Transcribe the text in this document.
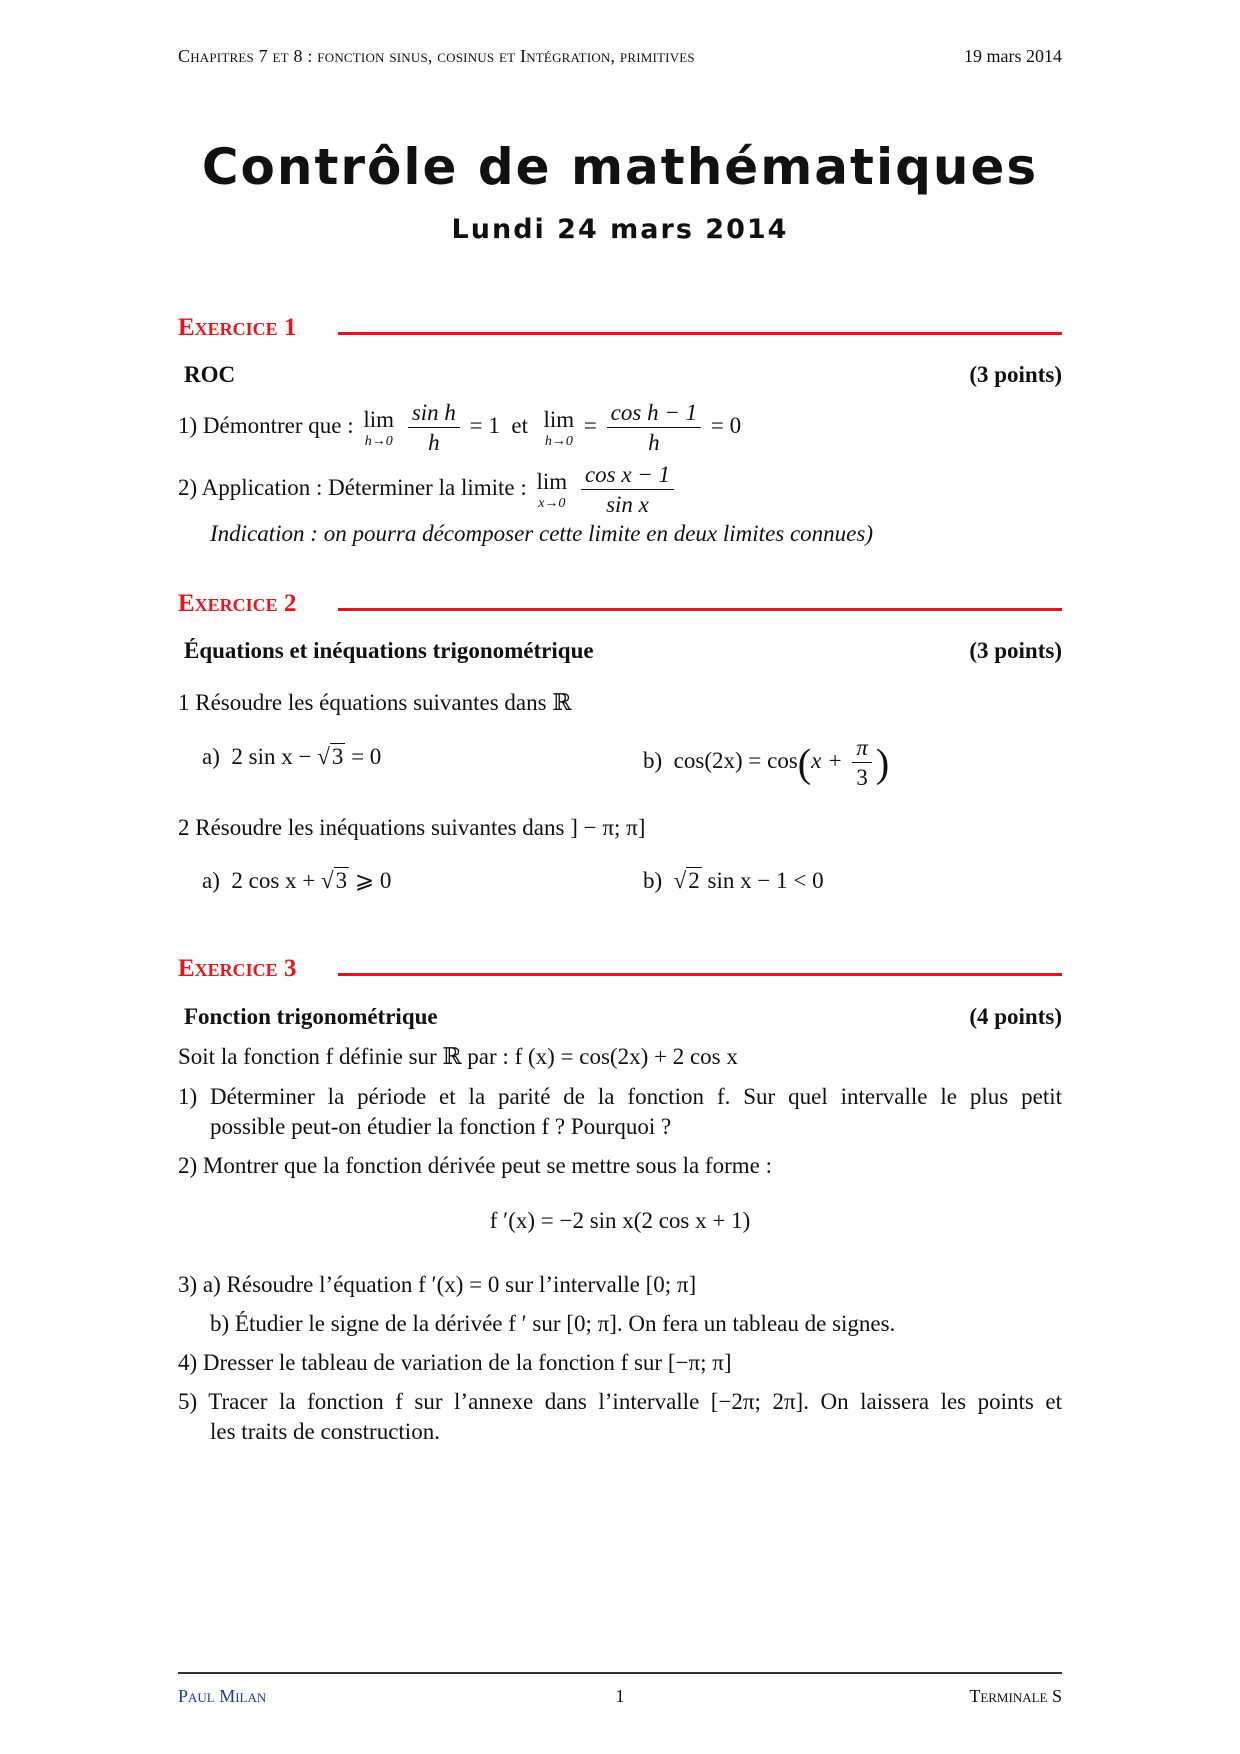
Chapitres 7 et 8 : fonction sinus, cosinus et Intégration, primitives	19 mars 2014
Contrôle de mathématiques
Lundi 24 mars 2014
Exercice 1
ROC	(3 points)
1) Démontrer que : lim
h→0
$\frac{\text{sin h}}{h} = 1$ et lim
h→0
= $\frac{\text{cos h − 1}}{h} = 0$
2) Application : Déterminer la limite : lim
x→0
$\frac{\text{cos x − 1}}{\text{sin x}}$
Indication : on pourra décomposer cette limite en deux limites connues)
Exercice 2
Équations et inéquations trigonométrique	(3 points)
1 Résoudre les équations suivantes dans ℝ
a) 2 sin x − √3 = 0	b) $\cos(2x) = \cos(x + \frac{\pi}{3}$ )
2 Résoudre les inéquations suivantes dans ] − π; π]
a) 2 cos x + √3 ⩾ 0	b)  √2 sin x − 1 < 0
Exercice 3
Fonction trigonométrique	(4 points)
Soit la fonction f définie sur ℝ par : f (x) = cos(2x) + 2 cos x
1) Déterminer la période et la parité de la fonction f. Sur quel intervalle le plus petit
possible peut-on étudier la fonction f ? Pourquoi ?
2) Montrer que la fonction dérivée peut se mettre sous la forme :
f ′(x) = −2 sin x(2 cos x + 1)
3) a) Résoudre l’équation f ′(x) = 0 sur l’intervalle [0; π]
b) Étudier le signe de la dérivée f ′ sur [0; π]. On fera un tableau de signes.
4) Dresser le tableau de variation de la fonction f sur [−π; π]
5) Tracer la fonction f sur l’annexe dans l’intervalle [−2π; 2π]. On laissera les points et
les traits de construction.
Paul Milan	1	Terminale S
